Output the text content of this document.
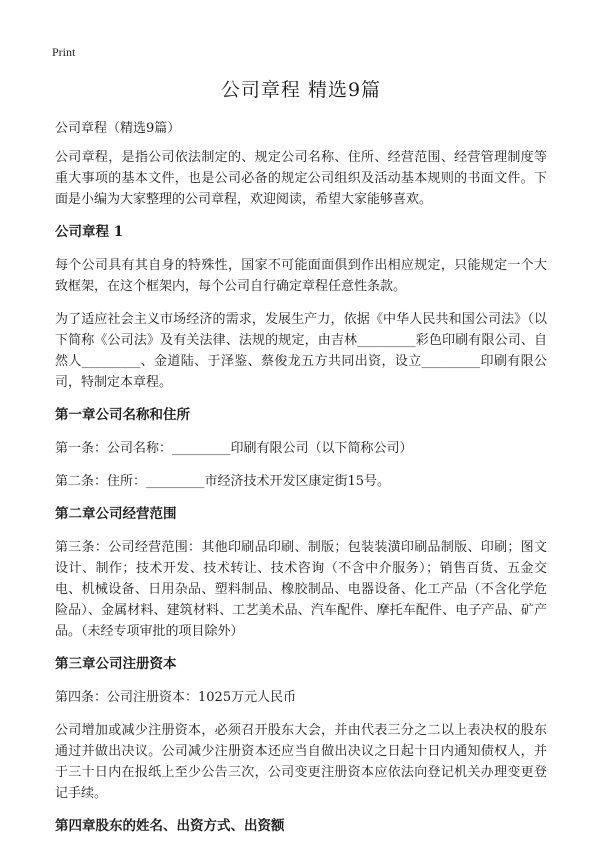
Print
公司章程 精选9篇

公司章程（精选9篇）

公司章程，是指公司依法制定的、规定公司名称、住所、经营范围、经营管理制度等重大事项的基本文件，也是公司必备的规定公司组织及活动基本规则的书面文件。下面是小编为大家整理的公司章程，欢迎阅读，希望大家能够喜欢。

公司章程 1

每个公司具有其自身的特殊性，国家不可能面面俱到作出相应规定，只能规定一个大致框架，在这个框架内，每个公司自行确定章程任意性条款。

为了适应社会主义市场经济的需求，发展生产力，依据《中华人民共和国公司法》（以下简称《公司法》及有关法律、法规的规定，由吉林_________彩色印刷有限公司、自然人_________、金道陆、于泽鉴、蔡俊龙五方共同出资，设立_________印刷有限公司，特制定本章程。

第一章公司名称和住所

第一条：公司名称：_________印刷有限公司（以下简称公司）

第二条：住所：_________市经济技术开发区康定街15号。

第二章公司经营范围

第三条：公司经营范围：其他印刷品印刷、制版；包装装潢印刷品制版、印刷；图文设计、制作；技术开发、技术转让、技术咨询（不含中介服务）；销售百货、五金交电、机械设备、日用杂品、塑料制品、橡胶制品、电器设备、化工产品（不含化学危险品）、金属材料、建筑材料、工艺美术品、汽车配件、摩托车配件、电子产品、矿产品。（未经专项审批的项目除外）

第三章公司注册资本

第四条：公司注册资本：1025万元人民币

公司增加或减少注册资本，必须召开股东大会，并由代表三分之二以上表决权的股东通过并做出决议。公司减少注册资本还应当自做出决议之日起十日内通知债权人，并于三十日内在报纸上至少公告三次，公司变更注册资本应依法向登记机关办理变更登记手续。

第四章股东的姓名、出资方式、出资额
